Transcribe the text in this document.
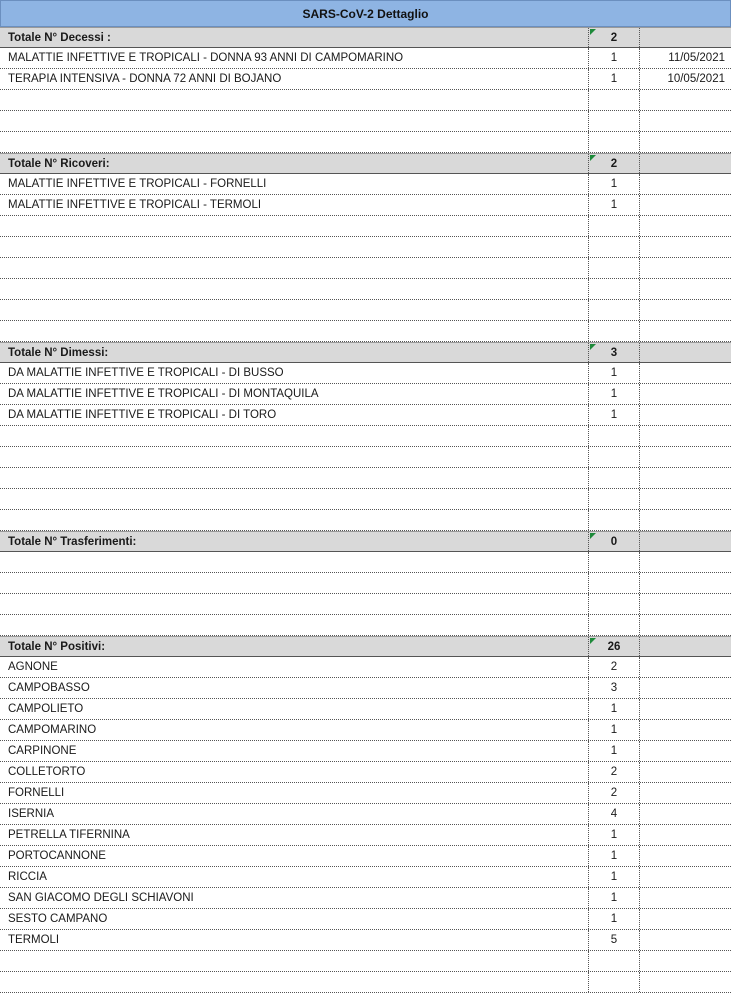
SARS-CoV-2 Dettaglio
Totale N° Decessi :	2
MALATTIE INFETTIVE E TROPICALI - DONNA 93 ANNI DI CAMPOMARINO	1	11/05/2021
TERAPIA INTENSIVA - DONNA 72 ANNI DI BOJANO	1	10/05/2021
Totale N° Ricoveri:	2
MALATTIE INFETTIVE E TROPICALI - FORNELLI	1
MALATTIE INFETTIVE E TROPICALI - TERMOLI	1
Totale N° Dimessi:	3
DA MALATTIE INFETTIVE E TROPICALI - DI BUSSO	1
DA MALATTIE INFETTIVE E TROPICALI - DI MONTAQUILA	1
DA MALATTIE INFETTIVE E TROPICALI - DI TORO	1
Totale N° Trasferimenti:	0
Totale N° Positivi:	26
AGNONE	2
CAMPOBASSO	3
CAMPOLIETO	1
CAMPOMARINO	1
CARPINONE	1
COLLETORTO	2
FORNELLI	2
ISERNIA	4
PETRELLA TIFERNINA	1
PORTOCANNONE	1
RICCIA	1
SAN GIACOMO DEGLI SCHIAVONI	1
SESTO CAMPANO	1
TERMOLI	5
